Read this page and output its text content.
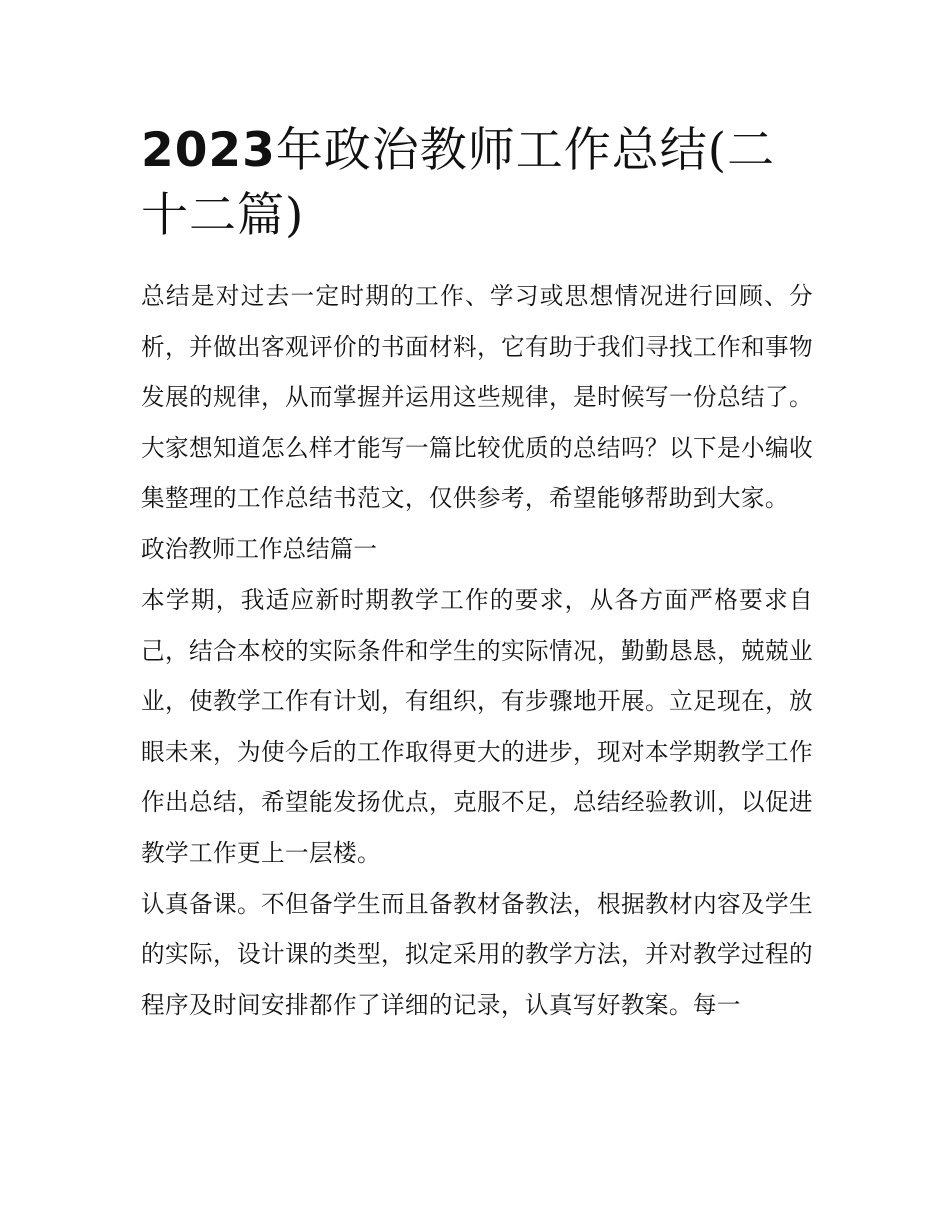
2023年政治教师工作总结(二十二篇)

总结是对过去一定时期的工作、学习或思想情况进行回顾、分析，并做出客观评价的书面材料，它有助于我们寻找工作和事物发展的规律，从而掌握并运用这些规律，是时候写一份总结了。大家想知道怎么样才能写一篇比较优质的总结吗？以下是小编收集整理的工作总结书范文，仅供参考，希望能够帮助到大家。

政治教师工作总结篇一

本学期，我适应新时期教学工作的要求，从各方面严格要求自己，结合本校的实际条件和学生的实际情况，勤勤恳恳，兢兢业业，使教学工作有计划，有组织，有步骤地开展。立足现在，放眼未来，为使今后的工作取得更大的进步，现对本学期教学工作作出总结，希望能发扬优点，克服不足，总结经验教训，以促进教学工作更上一层楼。

认真备课。不但备学生而且备教材备教法，根据教材内容及学生的实际，设计课的类型，拟定采用的教学方法，并对教学过程的程序及时间安排都作了详细的记录，认真写好教案。每一
